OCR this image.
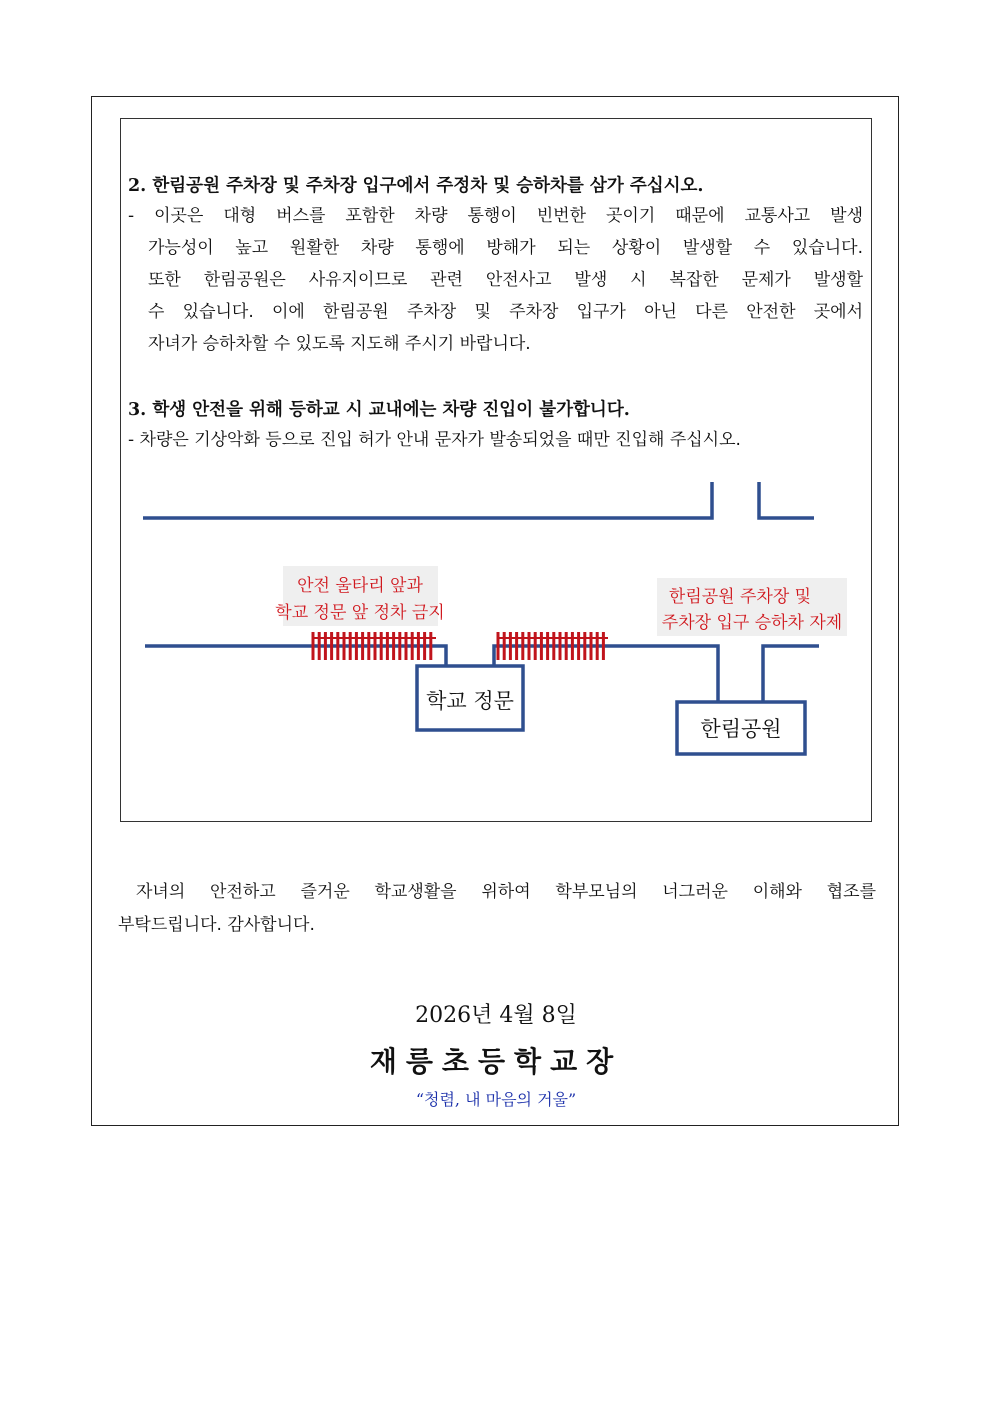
2. 한림공원 주차장 및 주차장 입구에서 주정차 및 승하차를 삼가 주십시오.
- 이곳은 대형 버스를 포함한 차량 통행이 빈번한 곳이기 때문에 교통사고 발생
가능성이 높고 원활한 차량 통행에 방해가 되는 상황이 발생할 수 있습니다.
또한 한림공원은 사유지이므로 관련 안전사고 발생 시 복잡한 문제가 발생할
수 있습니다. 이에 한림공원 주차장 및 주차장 입구가 아닌 다른 안전한 곳에서
자녀가 승하차할 수 있도록 지도해 주시기 바랍니다.
3. 학생 안전을 위해 등하교 시 교내에는 차량 진입이 불가합니다.
- 차량은 기상악화 등으로 진입 허가 안내 문자가 발송되었을 때만 진입해 주십시오.
학교 정문
한림공원
안전 울타리 앞과
학교 정문 앞 정차 금지
한림공원 주차장 및
주차장 입구 승하차 자제
자녀의 안전하고 즐거운 학교생활을 위하여 학부모님의 너그러운 이해와 협조를
부탁드립니다. 감사합니다.
2026년 4월 8일
재릉초등학교장
“청렴, 내 마음의 거울”
